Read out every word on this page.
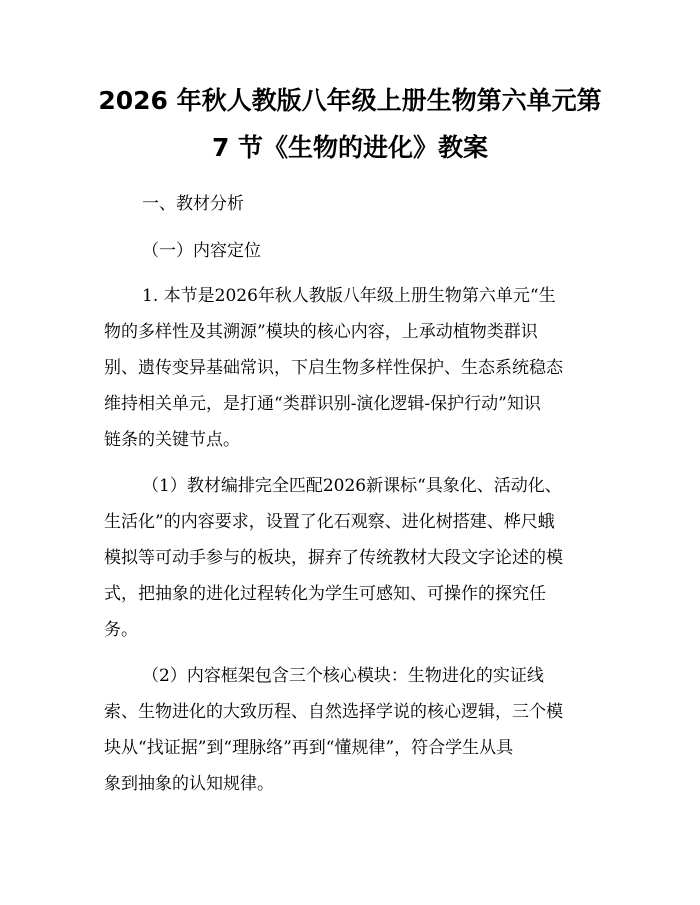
2026 年秋人教版八年级上册生物第六单元第
7 节《生物的进化》教案
一、教材分析
（一）内容定位
1. 本节是2026年秋人教版八年级上册生物第六单元“生
物的多样性及其溯源”模块的核心内容，上承动植物类群识
别、遗传变异基础常识，下启生物多样性保护、生态系统稳态
维持相关单元，是打通“类群识别-演化逻辑-保护行动”知识
链条的关键节点。
（1）教材编排完全匹配2026新课标“具象化、活动化、
生活化”的内容要求，设置了化石观察、进化树搭建、桦尺蛾
模拟等可动手参与的板块，摒弃了传统教材大段文字论述的模
式，把抽象的进化过程转化为学生可感知、可操作的探究任
务。
（2）内容框架包含三个核心模块：生物进化的实证线
索、生物进化的大致历程、自然选择学说的核心逻辑，三个模
块从“找证据”到“理脉络”再到“懂规律”，符合学生从具
象到抽象的认知规律。
